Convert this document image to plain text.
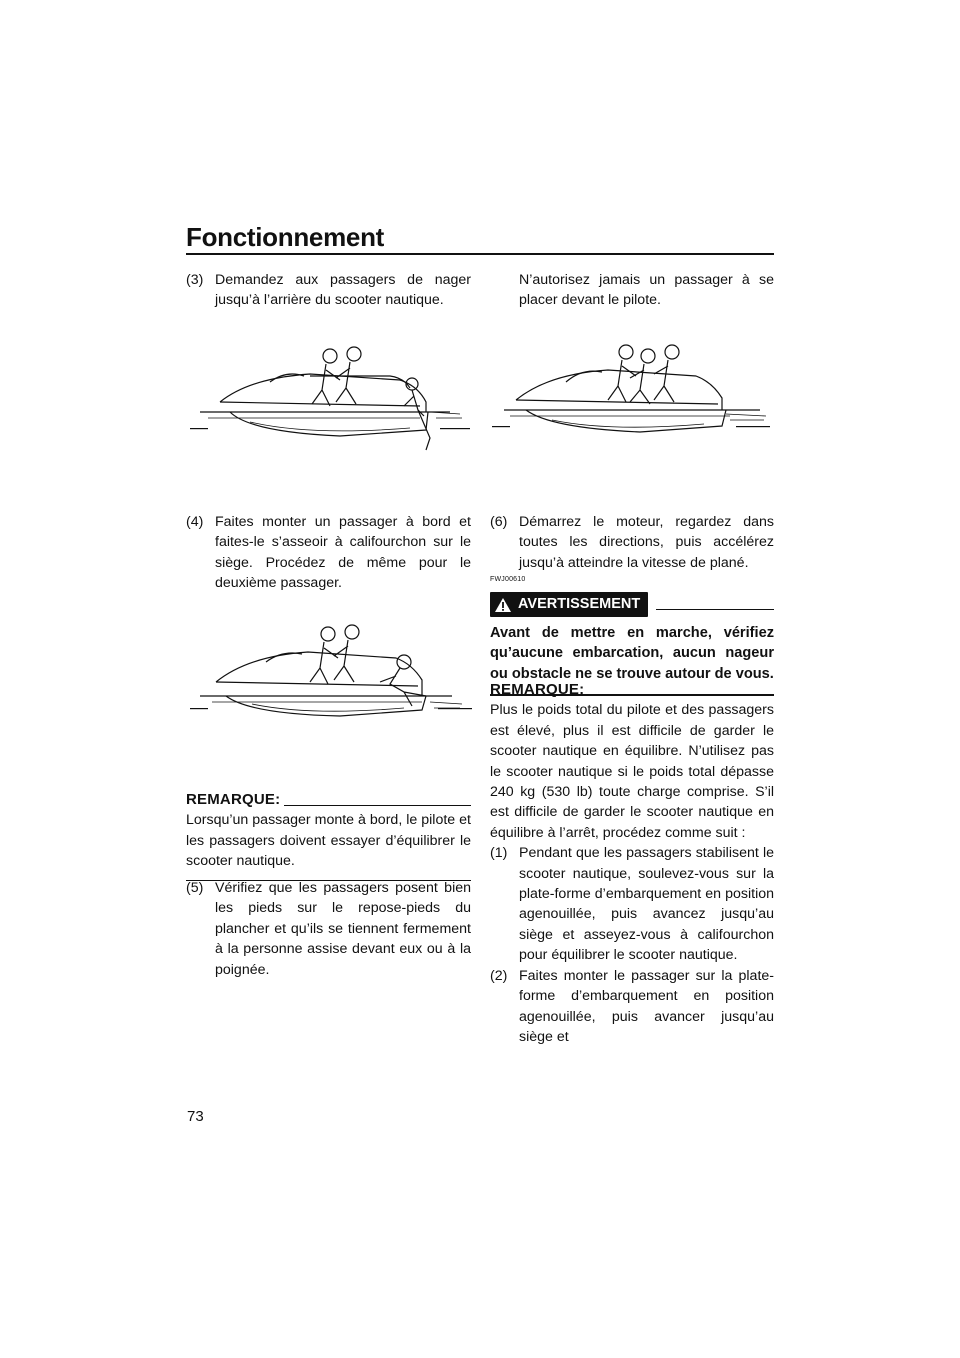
Fonctionnement
(3) Demandez aux passagers de nager jusqu’à l’arrière du scooter nautique.
(4) Faites monter un passager à bord et faites-le s’asseoir à califourchon sur le siège. Procédez de même pour le deuxième passager.
REMARQUE:

Lorsqu’un passager monte à bord, le pilote et les passagers doivent essayer d’équilibrer le scooter nautique.

(5) Vérifiez que les passagers posent bien les pieds sur le repose-pieds du plancher et qu’ils se tiennent fermement à la personne assise devant eux ou à la poignée.
N’autorisez jamais un passager à se placer devant le pilote.
(6) Démarrez le moteur, regardez dans toutes les directions, puis accélérez jusqu’à atteindre la vitesse de plané.
FWJ00610
AVERTISSEMENT

Avant de mettre en marche, vérifiez qu’aucune embarcation, aucun nageur ou obstacle ne se trouve autour de vous.

REMARQUE:

Plus le poids total du pilote et des passagers est élevé, plus il est difficile de garder le scooter nautique en équilibre. N’utilisez pas le scooter nautique si le poids total dépasse 240 kg (530 lb) toute charge comprise. S’il est difficile de garder le scooter nautique en équilibre à l’arrêt, procédez comme suit :

(1) Pendant que les passagers stabilisent le scooter nautique, soulevez-vous sur la plate-forme d’embarquement en position agenouillée, puis avancez jusqu’au siège et asseyez-vous à califourchon pour équilibrer le scooter nautique.
(2) Faites monter le passager sur la plate-forme d’embarquement en position agenouillée, puis avancer jusqu’au siège et
73
